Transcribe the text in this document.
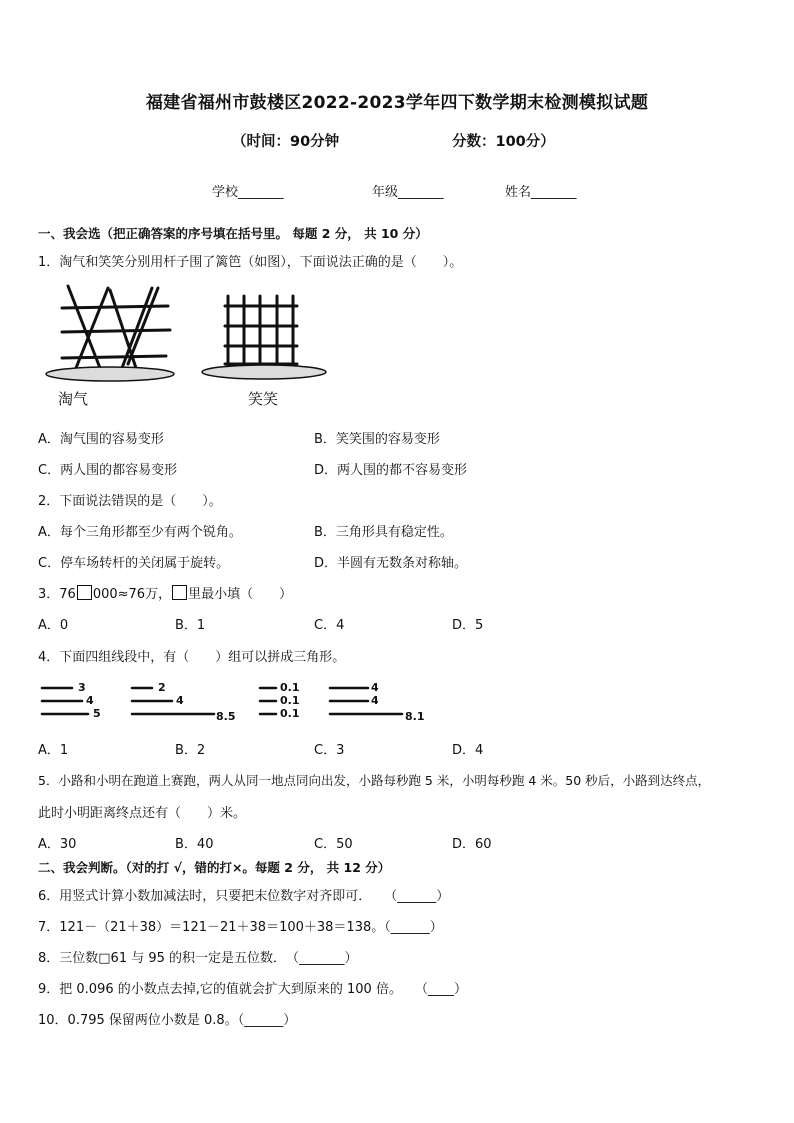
福建省福州市鼓楼区2022-2023学年四下数学期末检测模拟试题
（时间：90分钟	分数：100分）
学校_______	年级_______	姓名_______
一、我会选（把正确答案的序号填在括号里。 每题 2 分， 共 10 分）
1．淘气和笑笑分别用杆子围了篱笆（如图），下面说法正确的是（　　）。
淘气	笑笑
A．淘气围的容易变形	B．笑笑围的容易变形
C．两人围的都容易变形	D．两人围的都不容易变形
2．下面说法错误的是（　　）。
A．每个三角形都至少有两个锐角。	B．三角形具有稳定性。
C．停车场转杆的关闭属于旋转。	D．半圆有无数条对称轴。
3．76 000≈76万， 里最小填（　　）
A．0	B．1	C．4	D．5
4．下面四组线段中，有（　　）组可以拼成三角形。
3
4
5
2
4
8.5
0.1
0.1
0.1
4
4
8.1
A．1	B．2	C．3	D．4
5．小路和小明在跑道上赛跑，两人从同一地点同向出发，小路每秒跑 5 米，小明每秒跑 4 米。50 秒后，小路到达终点，
此时小明距离终点还有（　　）米。
A．30	B．40	C．50	D．60
二、我会判断。（对的打 √，错的打×。每题 2 分， 共 12 分）
6．用竖式计算小数加减法时，只要把末位数字对齐即可．　　（______）
7．121－（21＋38）＝121－21＋38＝100＋38＝138。（______）
8．三位数□61 与 95 的积一定是五位数．　（_______）
9．把 0.096 的小数点去掉,它的值就会扩大到原来的 100 倍。　　（____）
10．0.795 保留两位小数是 0.8。（______）
